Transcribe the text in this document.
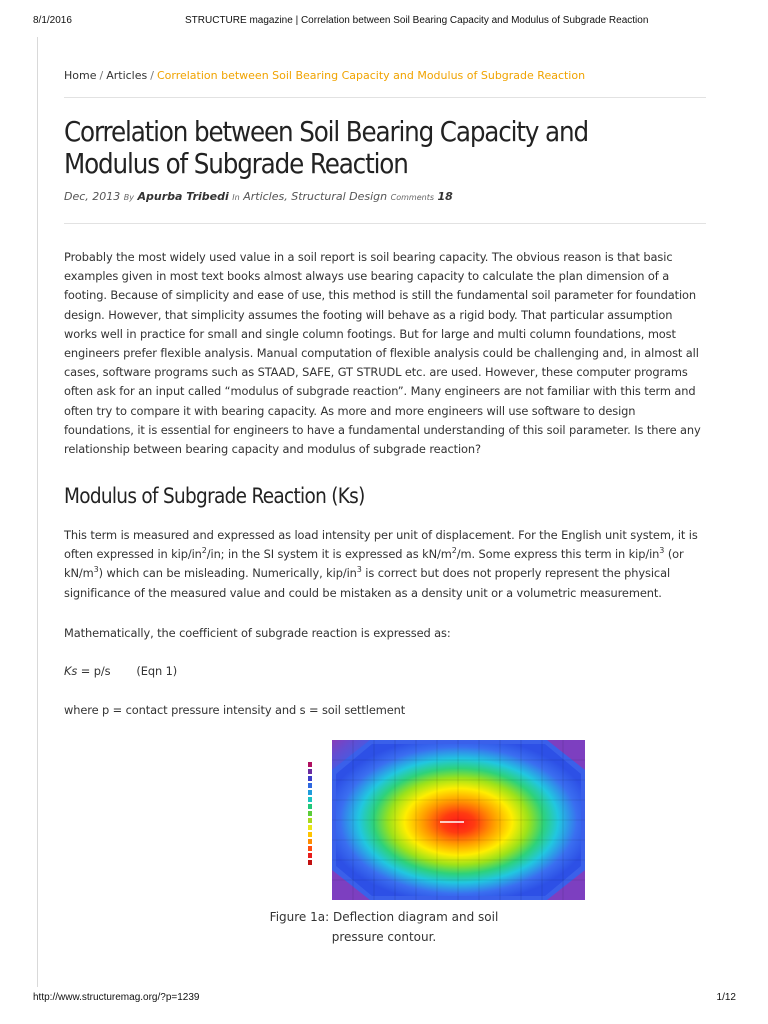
8/1/2016	STRUCTURE magazine | Correlation between Soil Bearing Capacity and Modulus of Subgrade Reaction
Home / Articles / Correlation between Soil Bearing Capacity and Modulus of Subgrade Reaction
Correlation between Soil Bearing Capacity and Modulus of Subgrade Reaction
Dec, 2013 By Apurba Tribedi In Articles, Structural Design Comments 18

Probably the most widely used value in a soil report is soil bearing capacity. The obvious reason is that basic examples given in most text books almost always use bearing capacity to calculate the plan dimension of a footing. Because of simplicity and ease of use, this method is still the fundamental soil parameter for foundation design. However, that simplicity assumes the footing will behave as a rigid body. That particular assumption works well in practice for small and single column footings. But for large and multi column foundations, most engineers prefer flexible analysis. Manual computation of flexible analysis could be challenging and, in almost all cases, software programs such as STAAD, SAFE, GT STRUDL etc. are used. However, these computer programs often ask for an input called “modulus of subgrade reaction”. Many engineers are not familiar with this term and often try to compare it with bearing capacity. As more and more engineers will use software to design foundations, it is essential for engineers to have a fundamental understanding of this soil parameter. Is there any relationship between bearing capacity and modulus of subgrade reaction?

Modulus of Subgrade Reaction (Ks)

This term is measured and expressed as load intensity per unit of displacement. For the English unit system, it is often expressed in kip/$in^2/in$; in the SI system it is expressed as $kN/m^2/m$. Some express this term in kip/$in^3$ (or $kN/m^3$) which can be misleading. Numerically, kip/$in^3$ is correct but does not properly represent the physical significance of the measured value and could be mistaken as a density unit or a volumetric measurement.

Mathematically, the coefficient of subgrade reaction is expressed as:

Ks = p/s (Eqn 1)

where p = contact pressure intensity and s = soil settlement

Figure 1a: Deflection diagram and soil pressure contour.
http://www.structuremag.org/?p=1239	1/12
